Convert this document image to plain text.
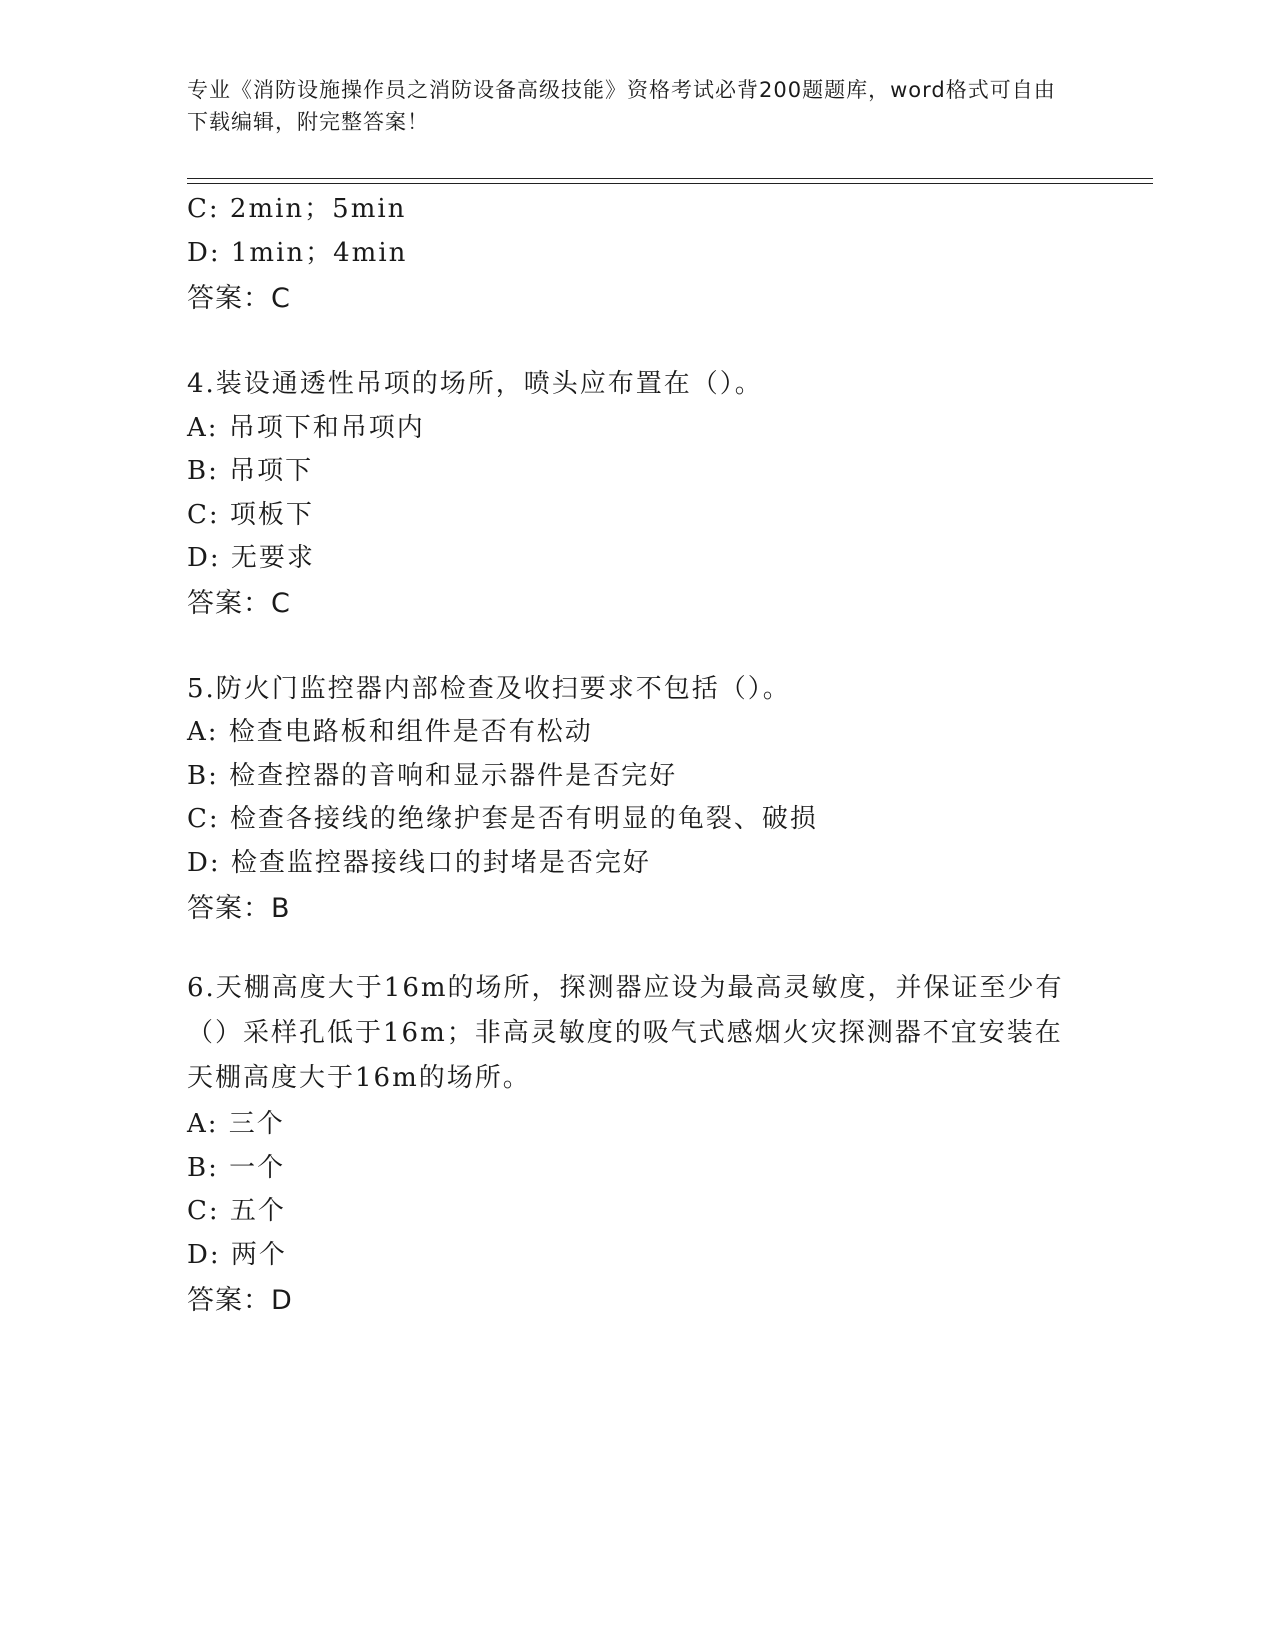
专业《消防设施操作员之消防设备高级技能》资格考试必背200题题库，word格式可自由下载编辑，附完整答案！
C: 2min；5min
D: 1min；4min
答案：C
4.装设通透性吊项的场所，喷头应布置在（）。
A: 吊项下和吊项内
B: 吊项下
C: 项板下
D: 无要求
答案：C
5.防火门监控器内部检查及收扫要求不包括（）。
A: 检查电路板和组件是否有松动
B: 检查控器的音响和显示器件是否完好
C: 检查各接线的绝缘护套是否有明显的龟裂、破损
D: 检查监控器接线口的封堵是否完好
答案：B
6.天棚高度大于16m的场所，探测器应设为最高灵敏度，并保证至少有（）采样孔低于16m；非高灵敏度的吸气式感烟火灾探测器不宜安装在天棚高度大于16m的场所。
A: 三个
B: 一个
C: 五个
D: 两个
答案：D
